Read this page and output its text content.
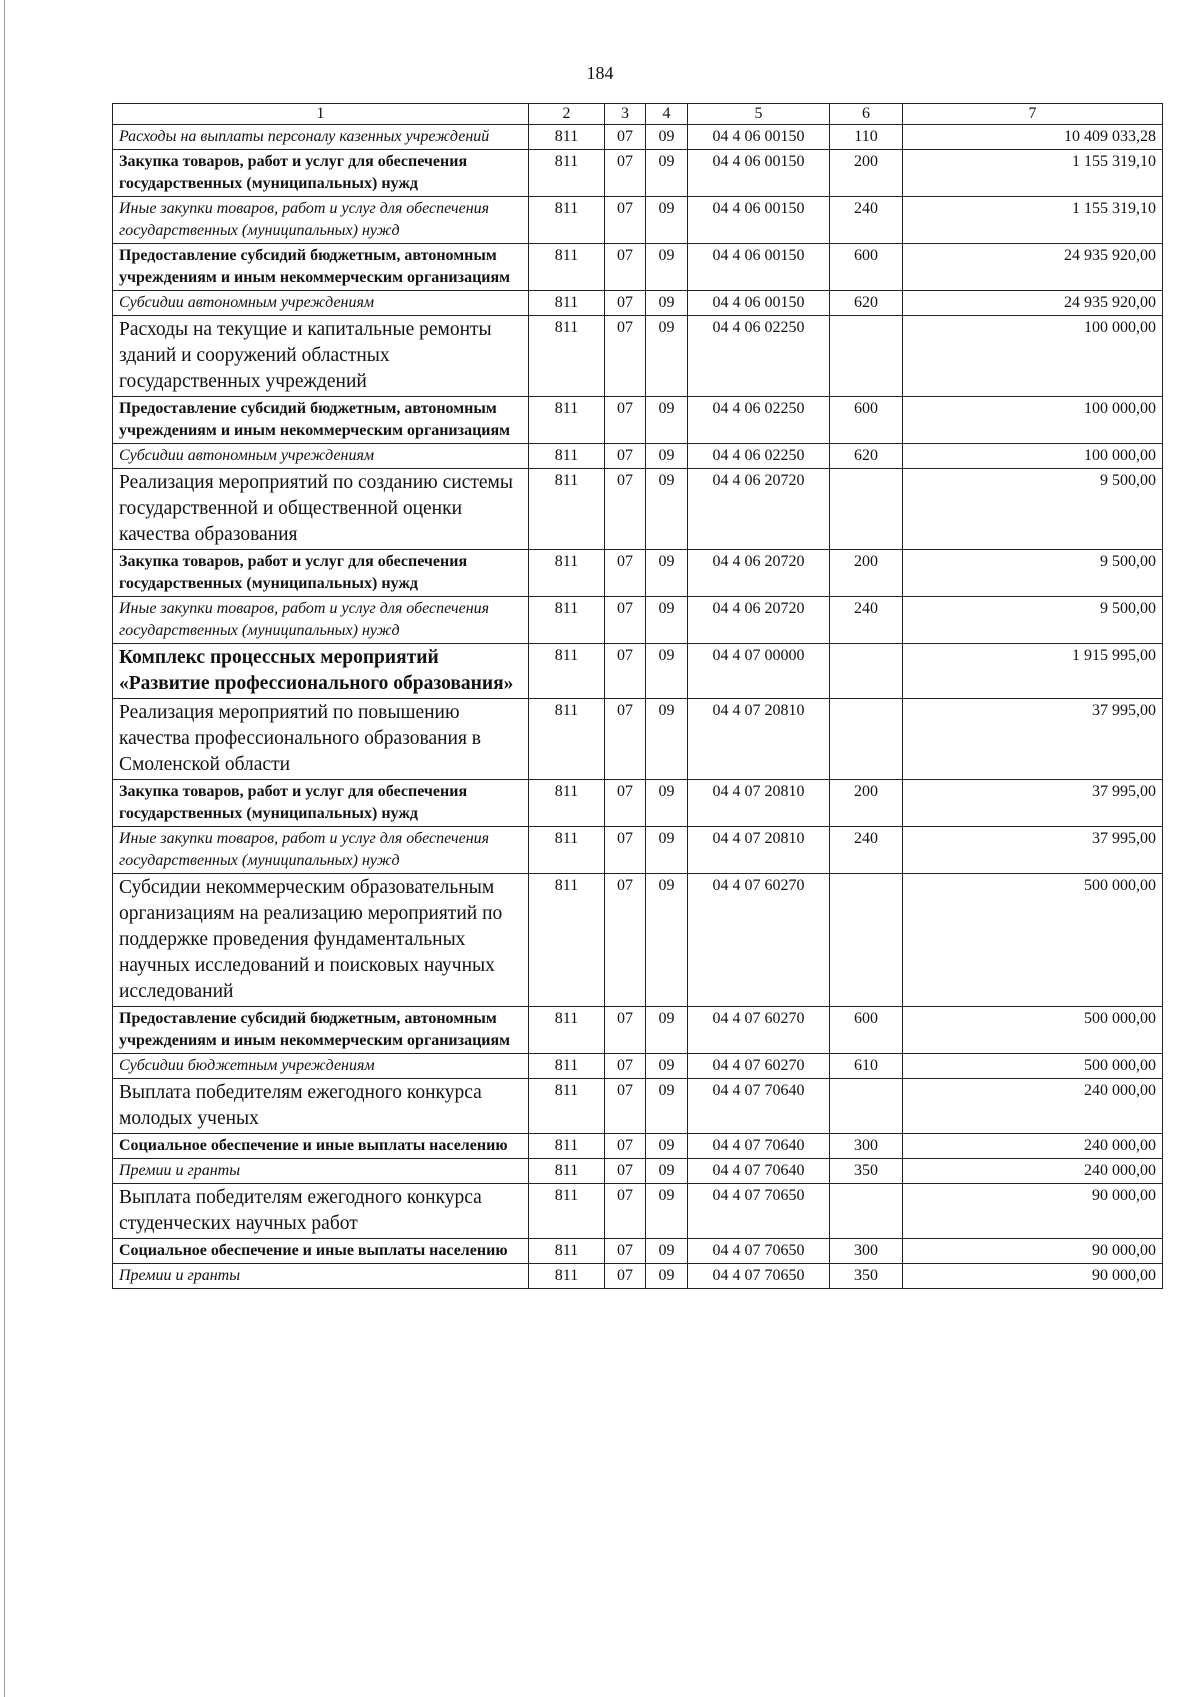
184
1	2	3	4	5	6	7
Расходы на выплаты персоналу казенных учреждений	811	07	09	04 4 06 00150	110	10 409 033,28
Закупка товаров, работ и услуг для обеспечения государственных (муниципальных) нужд	811	07	09	04 4 06 00150	200	1 155 319,10
Иные закупки товаров, работ и услуг для обеспечения государственных (муниципальных) нужд	811	07	09	04 4 06 00150	240	1 155 319,10
Предоставление субсидий бюджетным, автономным учреждениям и иным некоммерческим организациям	811	07	09	04 4 06 00150	600	24 935 920,00
Субсидии автономным учреждениям	811	07	09	04 4 06 00150	620	24 935 920,00
Расходы на текущие и капитальные ремонты зданий и сооружений областных государственных учреждений	811	07	09	04 4 06 02250		100 000,00
Предоставление субсидий бюджетным, автономным учреждениям и иным некоммерческим организациям	811	07	09	04 4 06 02250	600	100 000,00
Субсидии автономным учреждениям	811	07	09	04 4 06 02250	620	100 000,00
Реализация мероприятий по созданию системы государственной и общественной оценки качества образования	811	07	09	04 4 06 20720		9 500,00
Закупка товаров, работ и услуг для обеспечения государственных (муниципальных) нужд	811	07	09	04 4 06 20720	200	9 500,00
Иные закупки товаров, работ и услуг для обеспечения государственных (муниципальных) нужд	811	07	09	04 4 06 20720	240	9 500,00
Комплекс процессных мероприятий «Развитие профессионального образования»	811	07	09	04 4 07 00000		1 915 995,00
Реализация мероприятий по повышению качества профессионального образования в Смоленской области	811	07	09	04 4 07 20810		37 995,00
Закупка товаров, работ и услуг для обеспечения государственных (муниципальных) нужд	811	07	09	04 4 07 20810	200	37 995,00
Иные закупки товаров, работ и услуг для обеспечения государственных (муниципальных) нужд	811	07	09	04 4 07 20810	240	37 995,00
Субсидии некоммерческим образовательным организациям на реализацию мероприятий по поддержке проведения фундаментальных научных исследований и поисковых научных исследований	811	07	09	04 4 07 60270		500 000,00
Предоставление субсидий бюджетным, автономным учреждениям и иным некоммерческим организациям	811	07	09	04 4 07 60270	600	500 000,00
Субсидии бюджетным учреждениям	811	07	09	04 4 07 60270	610	500 000,00
Выплата победителям ежегодного конкурса молодых ученых	811	07	09	04 4 07 70640		240 000,00
Социальное обеспечение и иные выплаты населению	811	07	09	04 4 07 70640	300	240 000,00
Премии и гранты	811	07	09	04 4 07 70640	350	240 000,00
Выплата победителям ежегодного конкурса студенческих научных работ	811	07	09	04 4 07 70650		90 000,00
Социальное обеспечение и иные выплаты населению	811	07	09	04 4 07 70650	300	90 000,00
Премии и гранты	811	07	09	04 4 07 70650	350	90 000,00
